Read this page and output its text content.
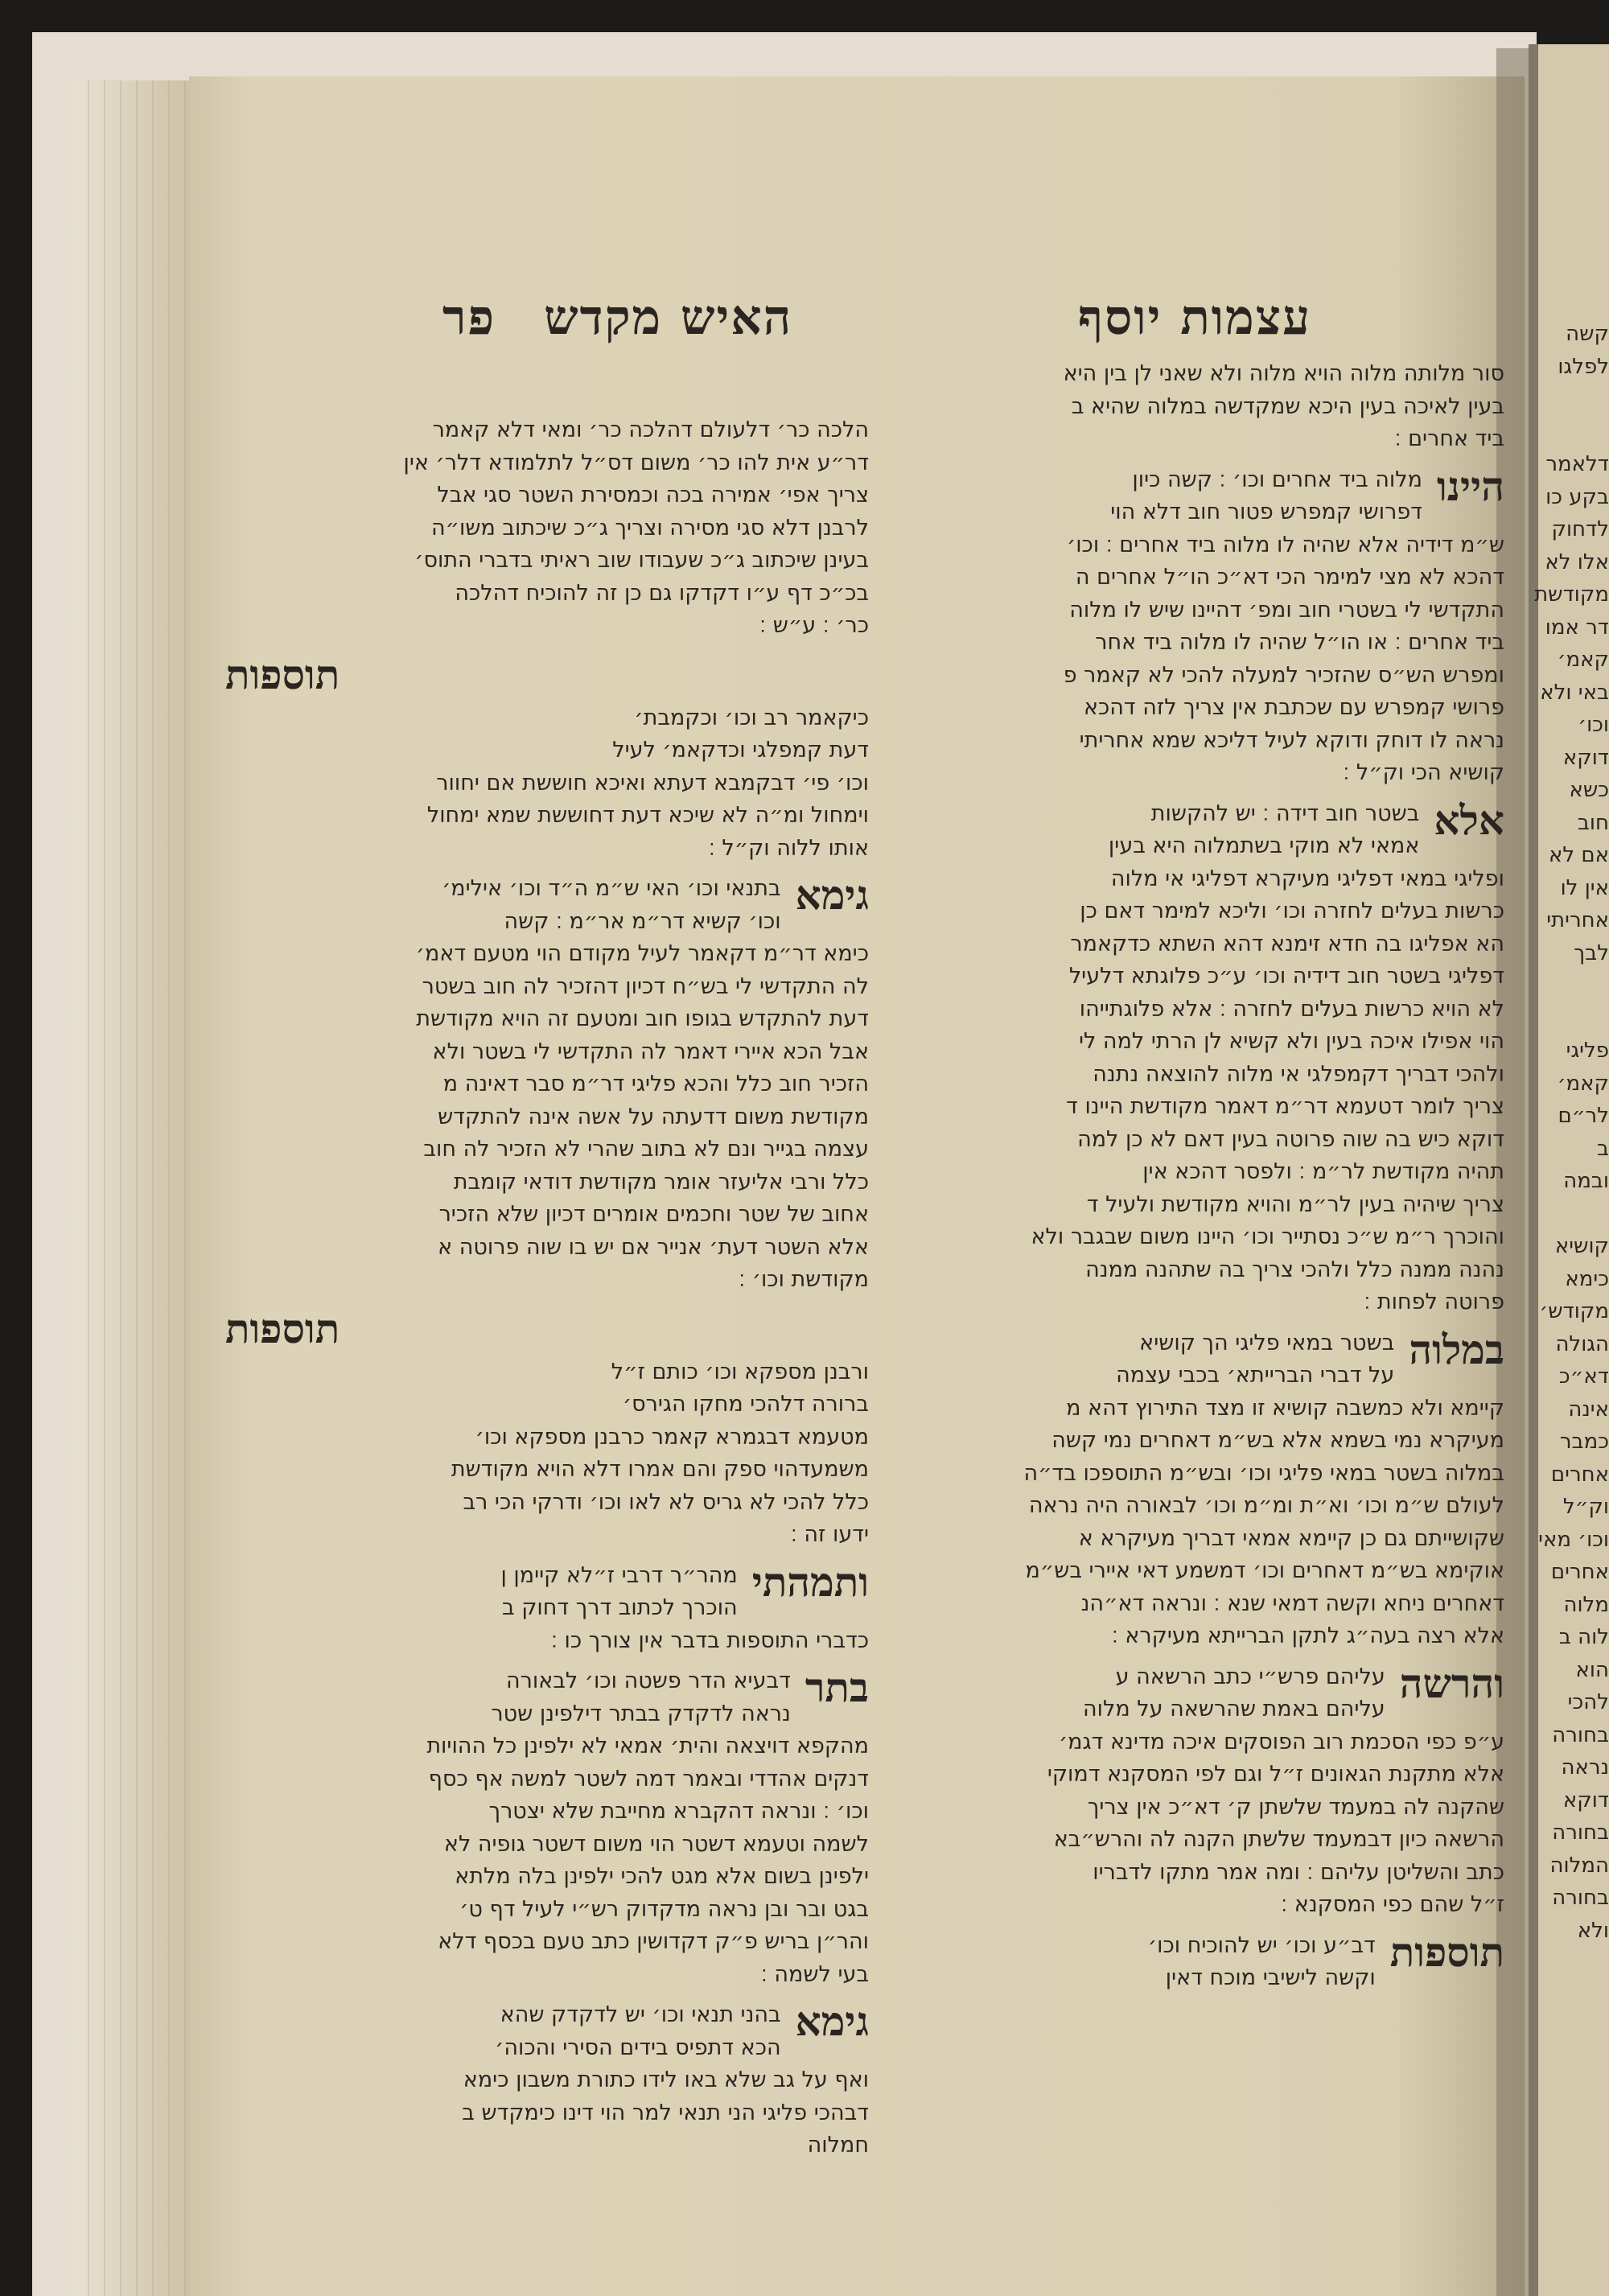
עצמות יוסף
האיש מקדשפר
סור מלותה מלוה הויא מלוה ולא שאני לן בין היא
בעין לאיכה בעין היכא שמקדשה במלוה שהיא ב
ביד אחרים ׃
היינו
מלוה ביד אחרים וכו׳ ׃ קשה כיון
דפרושי קמפרש פטור חוב דלא הוי
ש״מ דידיה אלא שהיה לו מלוה ביד אחרים ׃ וכו׳
דהכא לא מצי למימר הכי דא״כ הו״ל אחרים ה
התקדשי לי בשטרי חוב ומפ׳ דהיינו שיש לו מלוה
ביד אחרים ׃ או הו״ל שהיה לו מלוה ביד אחר
ומפרש הש״ס שהזכיר למעלה להכי לא קאמר פ
פרושי קמפרש עם שכתבת אין צריך לזה דהכא
נראה לו דוחק ודוקא לעיל דליכא שמא אחריתי
קושיא הכי וק״ל ׃
אלא
בשטר חוב דידה ׃ יש להקשות
אמאי לא מוקי בשתמלוה היא בעין
ופליגי במאי דפליגי מעיקרא דפליגי אי מלוה
כרשות בעלים לחזרה וכו׳ וליכא למימר דאם כן
הא אפליגו בה חדא זימנא דהא השתא כדקאמר
דפליגי בשטר חוב דידיה וכו׳ ע״כ פלוגתא דלעיל
לא הויא כרשות בעלים לחזרה ׃ אלא פלוגתייהו
הוי אפילו איכה בעין ולא קשיא לן הרתי למה לי
ולהכי דבריך דקמפלגי אי מלוה להוצאה נתנה
צריך לומר דטעמא דר״מ דאמר מקודשת היינו ד
דוקא כיש בה שוה פרוטה בעין דאם לא כן למה
תהיה מקודשת לר״מ ׃ ולפסר דהכא אין
צריך שיהיה בעין לר״מ והויא מקודשת ולעיל ד
והוכרך ר״מ ש״כ נסתייר וכו׳ היינו משום שבגבר ולא
נהנה ממנה כלל ולהכי צריך בה שתהנה ממנה
פרוטה לפחות ׃
במלוה
בשטר במאי פליגי הך קושיא
על דברי הברייתא׳ בכבי עצמה
קיימא ולא כמשבה קושיא זו מצד התירוץ דהא מ
מעיקרא נמי בשמא אלא בש״מ דאחרים נמי קשה
במלוה בשטר במאי פליגי וכו׳ ובש״מ התוספכו בד״ה
לעולם ש״מ וכו׳ וא״ת ומ״מ וכו׳ לבאורה היה נראה
שקושייתם גם כן קיימא אמאי דבריך מעיקרא א
אוקימא בש״מ דאחרים וכו׳ דמשמע דאי איירי בש״מ
דאחרים ניחא וקשה דמאי שנא ׃ ונראה דא״הנ
אלא רצה בעה״ג לתקן הברייתא מעיקרא ׃
והרשה
עליהם פרש״י כתב הרשאה ע
עליהם באמת שהרשאה על מלוה
ע״פ כפי הסכמת רוב הפוסקים איכה מדינא דגמ׳
אלא מתקנת הגאונים ז״ל וגם לפי המסקנא דמוקי
שהקנה לה במעמד שלשתן ק׳ דא״כ אין צריך
הרשאה כיון דבמעמד שלשתן הקנה לה והרש״בא
כתב והשליטן עליהם ׃ ומה אמר מתקו לדבריו
ז״ל שהם כפי המסקנא ׃
תוספות
דב״ע וכו׳ יש להוכיח וכו׳
וקשה לישיבי מוכח דאין
הלכה כר׳ דלעולם דהלכה כר׳ ומאי דלא קאמר
דר״ע אית להו כר׳ משום דס״ל לתלמודא דלר׳ אין
צריך אפי׳ אמירה בכה וכמסירת השטר סגי אבל
לרבנן דלא סגי מסירה וצריך ג״כ שיכתוב משו״ה
בעינן שיכתוב ג״כ שעבודו שוב ראיתי בדברי התוס׳
בכ״כ דף ע״ו דקדקו גם כן זה להוכיח דהלכה
כר׳ ׃ ע״ש ׃
תוספות
כיקאמר רב וכו׳ וכקמבת׳
דעת קמפלגי וכדקאמ׳ לעיל
וכו׳ פי׳ דבקמבא דעתא ואיכא חוששת אם יחוור
וימחול ומ״ה לא שיכא דעת דחוששת שמא ימחול
אותו ללוה וק״ל ׃
גימא
בתנאי וכו׳ האי ש״מ ה״ד וכו׳ אילימ׳
וכו׳ קשיא דר״מ אר״מ ׃ קשה
כימא דר״מ דקאמר לעיל מקודם הוי מטעם דאמ׳
לה התקדשי לי בש״ח דכיון דהזכיר לה חוב בשטר
דעת להתקדש בגופו חוב ומטעם זה הויא מקודשת
אבל הכא איירי דאמר לה התקדשי לי בשטר ולא
הזכיר חוב כלל והכא פליגי דר״מ סבר דאינה מ
מקודשת משום דדעתה על אשה אינה להתקדש
עצמה בגייר ונם לא בתוב שהרי לא הזכיר לה חוב
כלל ורבי אליעזר אומר מקודשת דודאי קומבת
אחוב של שטר וחכמים אומרים דכיון שלא הזכיר
אלא השטר דעת׳ אנייר אם יש בו שוה פרוטה א
מקודשת וכו׳ ׃
תוספות
ורבנן מספקא וכו׳ כותם ז״ל
ברורה דלהכי מחקו הגירס׳
מטעמא דבגמרא קאמר כרבנן מספקא וכו׳
משמעדהוי ספק והם אמרו דלא הויא מקודשת
כלל להכי לא גריס לא לאו וכו׳ ודרקי הכי רב
ידעו זה ׃
ותמהתי
מהר״ר דרבי ז״לא קיימן ן
הוכרך לכתוב דרך דחוק ב
כדברי התוספות בדבר אין צורך כו ׃
בתר
דבעיא הדר פשטה וכו׳ לבאורה
נראה לדקדק בבתר דילפינן שטר
מהקפא דויצאה והית׳ אמאי לא ילפינן כל ההויות
דנקים אהדדי ובאמר דמה לשטר למשה אף כסף
וכו׳ ׃ ונראה דהקברא מחייבת שלא יצטרך
לשמה וטעמא דשטר הוי משום דשטר גופיה לא
ילפינן בשום אלא מגט להכי ילפינן בלה מלתא
בגט ובר ובן נראה מדקדוק רש״י לעיל דף ט׳
והר״ן בריש פ״ק דקדושין כתב טעם בכסף דלא
בעי לשמה ׃
גימא
בהני תנאי וכו׳ יש לדקדק שהא
הכא דתפיס בידים הסירי והכוה׳
ואף על גב שלא באו לידו כתורת משבון כימא
דבהכי פליגי הני תנאי למר הוי דינו כימקדש ב
חמלוה
קשה
לפלגו

דלאמר
בקע כו
לדחוק
אלו לא
מקודשת
דר אמו
קאמ׳
באי ולא
וכו׳
דוקא
כשא
חוב
אם לא
אין לו
אחריתי
לבך

פליגי
קאמ׳
לר״ם
ב
ובמה

קושיא
כימא
מקודש׳
הגולה
דא״כ
אינה
כמבר
אחרים
וק״ל
וכו׳ מאי
אחרים
מלוה
לוה ב
הוא
להכי
בחורה
נראה
דוקא
בחורה
המלוה
בחורה
ולא
